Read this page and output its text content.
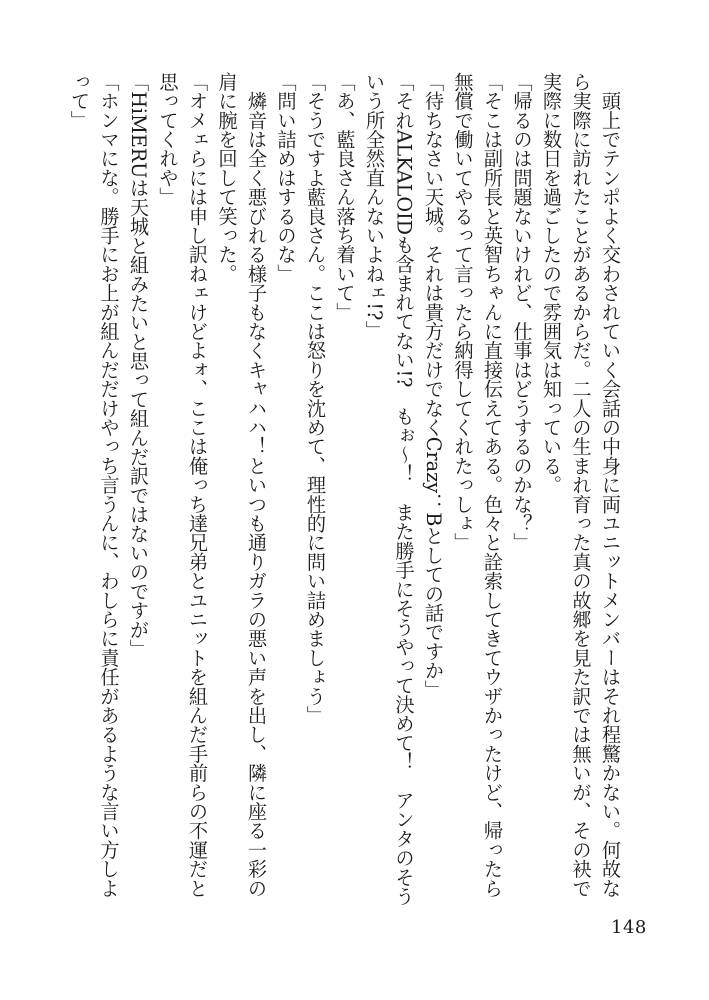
　頭上でテンポよく交わされていく会話の中身に両ユニットメンバーはそれ程驚かない。何故なら実際に訪れたことがあるからだ。二人の生まれ育った真の故郷を見た訳では無いが、その袂で実際に数日を過ごしたので雰囲気は知っている。

「帰るのは問題ないけれど、仕事はどうするのかな？」

「そこは副所長と英智ちゃんに直接伝えてある。色々と詮索してきてウザかったけど、帰ったら無償で働いてやるって言ったら納得してくれたっしょ」

「待ちなさい天城。それは貴方だけでなくCrazy：Bとしての話ですか」

「それALKALOIDも含まれてない!?　もぉ～！　また勝手にそうやって決めて！　アンタのそういう所全然直んないよねェ!?」

「あ、藍良さん落ち着いて」

「そうですよ藍良さん。ここは怒りを沈めて、理性的に問い詰めましょう」

「問い詰めはするのな」

　燐音は全く悪びれる様子もなくキャハハ！といつも通りガラの悪い声を出し、隣に座る一彩の肩に腕を回して笑った。

「オメェらには申し訳ねェけどよォ、ここは俺っち達兄弟とユニットを組んだ手前らの不運だと思ってくれや」

「HiMERUは天城と組みたいと思って組んだ訳ではないのですが」

「ホンマにな。勝手にお上が組んだだけやっち言うんに、わしらに責任があるような言い方しよって」

148
